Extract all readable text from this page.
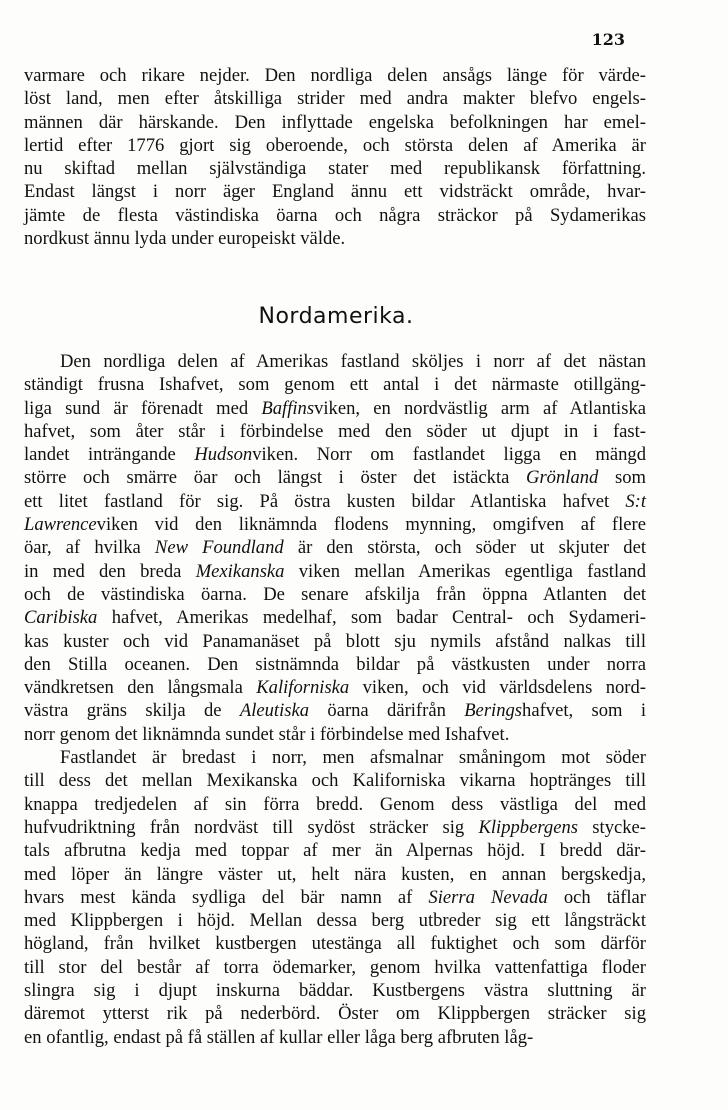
123
varmare och rikare nejder. Den nordliga delen ansågs länge för värde-
löst land, men efter åtskilliga strider med andra makter blefvo engels-
männen där härskande. Den inflyttade engelska befolkningen har emel-
lertid efter 1776 gjort sig oberoende, och största delen af Amerika är
nu skiftad mellan självständiga stater med republikansk författning.
Endast längst i norr äger England ännu ett vidsträckt område, hvar-
jämte de flesta västindiska öarna och några sträckor på Sydamerikas
nordkust ännu lyda under europeiskt välde.
Nordamerika.
Den nordliga delen af Amerikas fastland sköljes i norr af det nästan
ständigt frusna Ishafvet, som genom ett antal i det närmaste otillgäng-
liga sund är förenadt med Baffinsviken, en nordvästlig arm af Atlantiska
hafvet, som åter står i förbindelse med den söder ut djupt in i fast-
landet inträngande Hudsonviken. Norr om fastlandet ligga en mängd
större och smärre öar och längst i öster det istäckta Grönland som
ett litet fastland för sig. På östra kusten bildar Atlantiska hafvet S:t
Lawrenceviken vid den liknämnda flodens mynning, omgifven af flere
öar, af hvilka New Foundland är den största, och söder ut skjuter det
in med den breda Mexikanska viken mellan Amerikas egentliga fastland
och de västindiska öarna. De senare afskilja från öppna Atlanten det
Caribiska hafvet, Amerikas medelhaf, som badar Central- och Sydameri-
kas kuster och vid Panamanäset på blott sju nymils afstånd nalkas till
den Stilla oceanen. Den sistnämnda bildar på västkusten under norra
vändkretsen den långsmala Kaliforniska viken, och vid världsdelens nord-
västra gräns skilja de Aleutiska öarna därifrån Beringshafvet, som i
norr genom det liknämnda sundet står i förbindelse med Ishafvet.
Fastlandet är bredast i norr, men afsmalnar småningom mot söder
till dess det mellan Mexikanska och Kaliforniska vikarna hoptränges till
knappa tredjedelen af sin förra bredd. Genom dess västliga del med
hufvudriktning från nordväst till sydöst sträcker sig Klippbergens stycke-
tals afbrutna kedja med toppar af mer än Alpernas höjd. I bredd där-
med löper än längre väster ut, helt nära kusten, en annan bergskedja,
hvars mest kända sydliga del bär namn af Sierra Nevada och täflar
med Klippbergen i höjd. Mellan dessa berg utbreder sig ett långsträckt
högland, från hvilket kustbergen utestänga all fuktighet och som därför
till stor del består af torra ödemarker, genom hvilka vattenfattiga floder
slingra sig i djupt inskurna bäddar. Kustbergens västra sluttning är
däremot ytterst rik på nederbörd. Öster om Klippbergen sträcker sig
en ofantlig, endast på få ställen af kullar eller låga berg afbruten låg-
